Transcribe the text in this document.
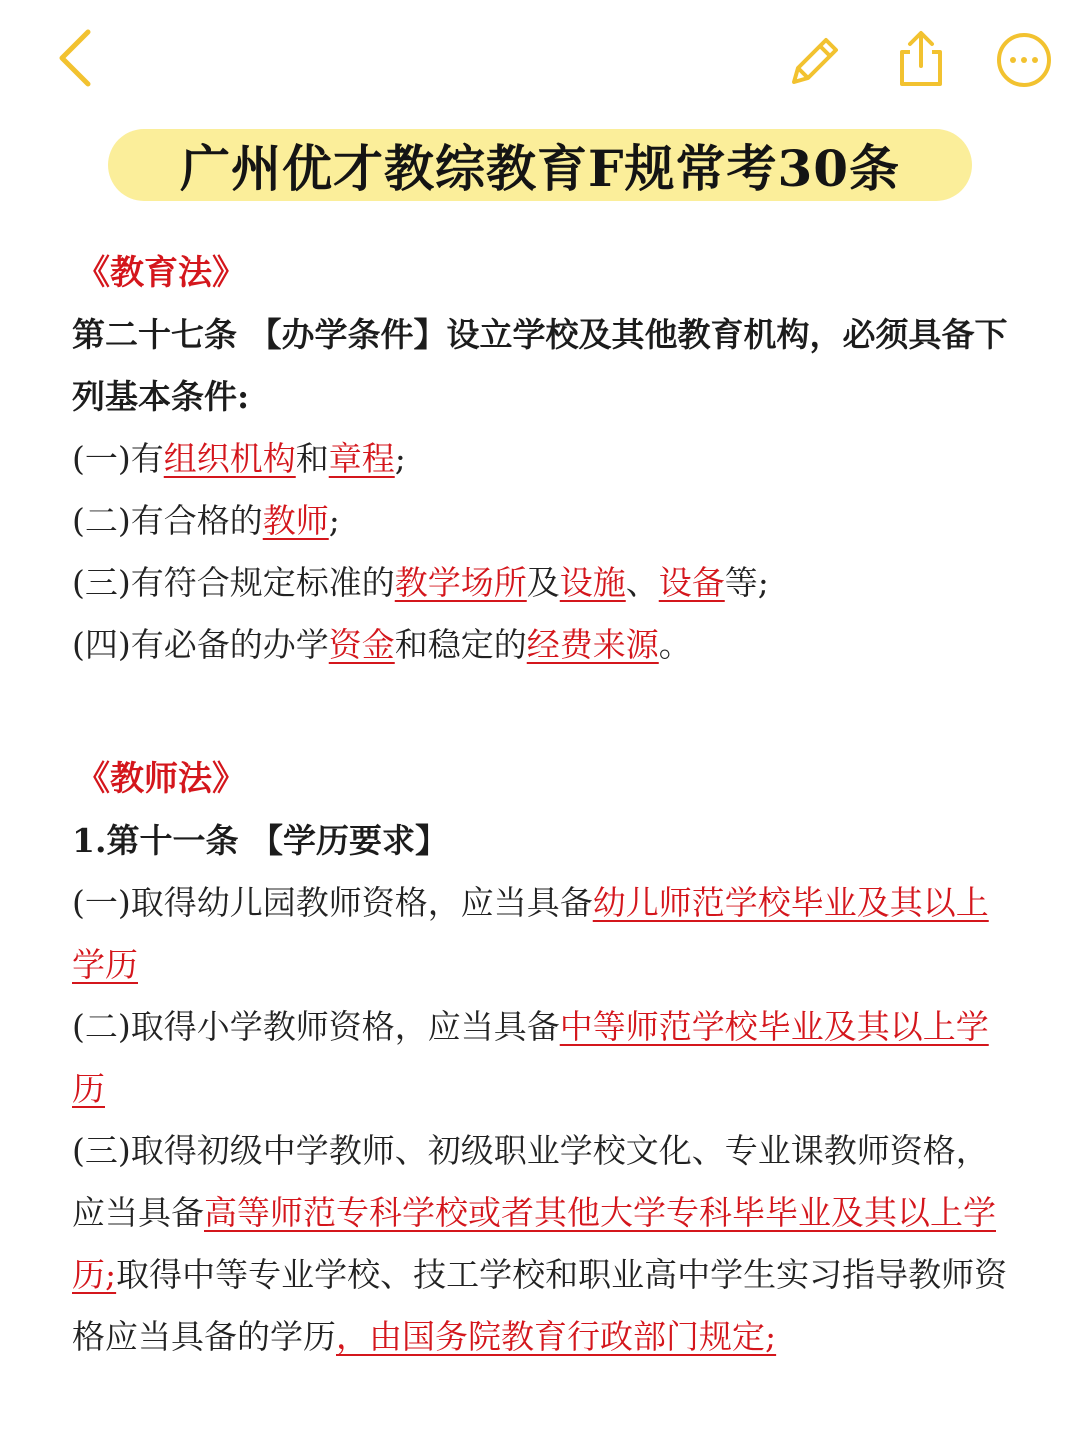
广州优才教综教育F规常考30条
《教育法》
第二十七条 【办学条件】设立学校及其他教育机构，必须具备下列基本条件:
(一)有组织机构和章程;
(二)有合格的教师;
(三)有符合规定标准的教学场所及设施、设备等;
(四)有必备的办学资金和稳定的经费来源。
《教师法》
1.第十一条 【学历要求】
(一)取得幼儿园教师资格，应当具备幼儿师范学校毕业及其以上学历
(二)取得小学教师资格，应当具备中等师范学校毕业及其以上学历
(三)取得初级中学教师、初级职业学校文化、专业课教师资格，应当具备高等师范专科学校或者其他大学专科毕毕业及其以上学历;取得中等专业学校、技工学校和职业高中学生实习指导教师资格应当具备的学历，由国务院教育行政部门规定;
